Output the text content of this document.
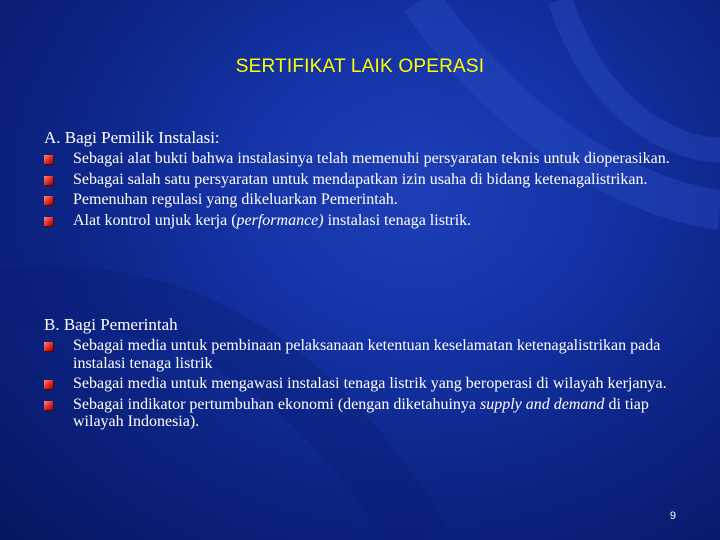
SERTIFIKAT LAIK OPERASI
A. Bagi Pemilik Instalasi:
Sebagai alat bukti bahwa instalasinya telah memenuhi persyaratan teknis untuk dioperasikan.
Sebagai salah satu persyaratan untuk mendapatkan izin usaha di bidang ketenagalistrikan.
Pemenuhan regulasi yang dikeluarkan Pemerintah.
Alat kontrol unjuk kerja (performance) instalasi tenaga listrik.
B. Bagi Pemerintah
Sebagai media untuk pembinaan pelaksanaan ketentuan keselamatan ketenagalistrikan pada instalasi tenaga listrik
Sebagai media untuk mengawasi instalasi tenaga listrik yang beroperasi di wilayah kerjanya.
Sebagai indikator pertumbuhan ekonomi (dengan diketahuinya supply and demand di tiap wilayah Indonesia).
9
